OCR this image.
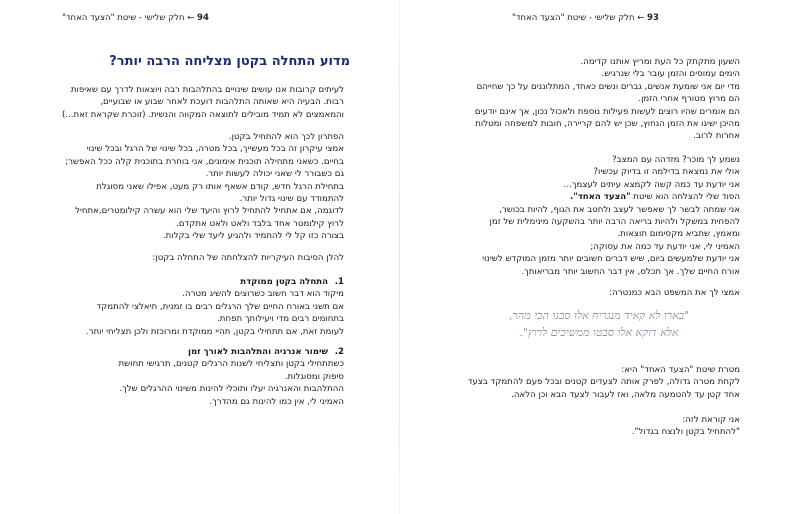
94 ← חלק שלישי - שיטת "הצעד האחד"
מדוע התחלה בקטן מצליחה הרבה יותר?
לעיתים קרובות אנו עושים שינויים בהתלהבות רבה ויוצאות לדרך עם שאיפות
רבות. הבעיה היא שאותה התלהבות דועכת לאחר שבוע או שבועיים,
והמאמצים לא תמיד מובילים לתוצאה המקווה והנשית. (זוכרת שקראת זאת...)
הפתרון לכך הוא להתחיל בקטן.
אמצי עיקרון זה בכל מעשייך, בכל מטרה, בכל שינוי של הרגל ובכל שינוי
בחיים. כשאני מתחילה תוכנית אימונים, אני בוחרת בתוכנית קלה ככל האפשר;
גם כשבורר לי שאני יכולה לעשות יותר.
בתחילת הרגל חדש, קודם אשאף אותו רק מעט, אפילו שאני מסוגלת
להתמודד עם שינוי גדול יותר.
לדוגמה, אם אתחיל להתחיל לרוץ והיעד שלי הוא עשרה קילומטרים,אתחיל
לרוץ קילומטר אחד בלבד ולאט ולאט אתקדם.
בצורה כזו קל לי להתמיד ולהגיע ליעד שלי בקלות.
להלן הסיבות העיקריות להצלחתה של התחלה בקטן:
1.התחלה בקטן ממוקדת
מיקוד הוא דבר חשוב כשרוצים להשיג מטרה.
אם תשני באורח החיים שלך הרגלים רבים בו זמנית, תיאלצי להתמקד
בתחומים רבים מדי ויעילותך תפחת.
לעומת זאת, אם תתחילי בקטן, תהיי ממוקדת ומרוכזת ולכן תצליחי יותר.
2.שימור אנרגיה והתלהבות לאורך זמן
כשתתחילי בקטן ותצליחי לשנות הרגלים קטנים, תרגישי תחושת
סיפוק ומסוגלות.
ההתלהבות והאנרגיה יעלו ותוכלי להינות משינוי ההרגלים שלך.
האמיני לי, אין כמו להינות גם מהדרך.
93 ← חלק שלישי - שיטת "הצעד האחד"
השעון מתקתק כל העת ומריץ אותנו קדימה.
הימים עמוסים והזמן עובר בלי שנרגיש.
מדי יום אני שומעת אנשים, גברים ונשים כאחד, המתלוננים על כך שחייהם
הם מרוץ מטורף אחרי הזמן.
הם אומרים שהיו רוצים לעשות פעילות נוספת ולאכול נכון, אך אינם יודעים
מהיכן ישיגו את הזמן הנחוץ, שכן יש להם קריירה, חובות למשפחה ומטלות
אחרות לרוב.
נשמע לך מוכר? מזדהה עם המצב?
אולי את נמצאת בדילמה זו בדיוק עכשיו?
אני יודעת עד כמה קשה לקמצא עיתים לעצמך...
הסוד שלי להצלחה הוא שיטת "הצעד האחד".
אני שמחה לבשר לך שאפשר לעצב ולחטב את הגוף, להיות בכושר,
להפחית במשקל ולהיות בריאה הרבה יותר בהשקעה מינימלית של זמן
ומאמץ, שתביא מקסימום תוצאות.
האמיני לי, אני יודעת עד כמה את עסוקה;
אני יודעת שלמעשים ביום, שיש דברים חשובים יותר מזמן המוקדש לשינוי
אורח החיים שלך. אך תכלס, אין דבר החשוב יותר מבריאותך.
אמצי לך את המשפט הבא כמנטרה:
"בארו לא קאיד מנגריח אלו סבגו הכי מהר,
אלא דוקא אלו סבטו ממשיכים לרוץ".
מטרת שיטת "הצעד האחד" היא:
לקחת מטרה גדולה, לפרק אותה לצעדים קטנים ובכל פעם להתמקד בצעד
אחד קטן עד להטמעה מלאה, ואז לעבור לצעד הבא וכן הלאה.
אני קוראת לזה:
"להתחיל בקטן ולנצח בגדול".
